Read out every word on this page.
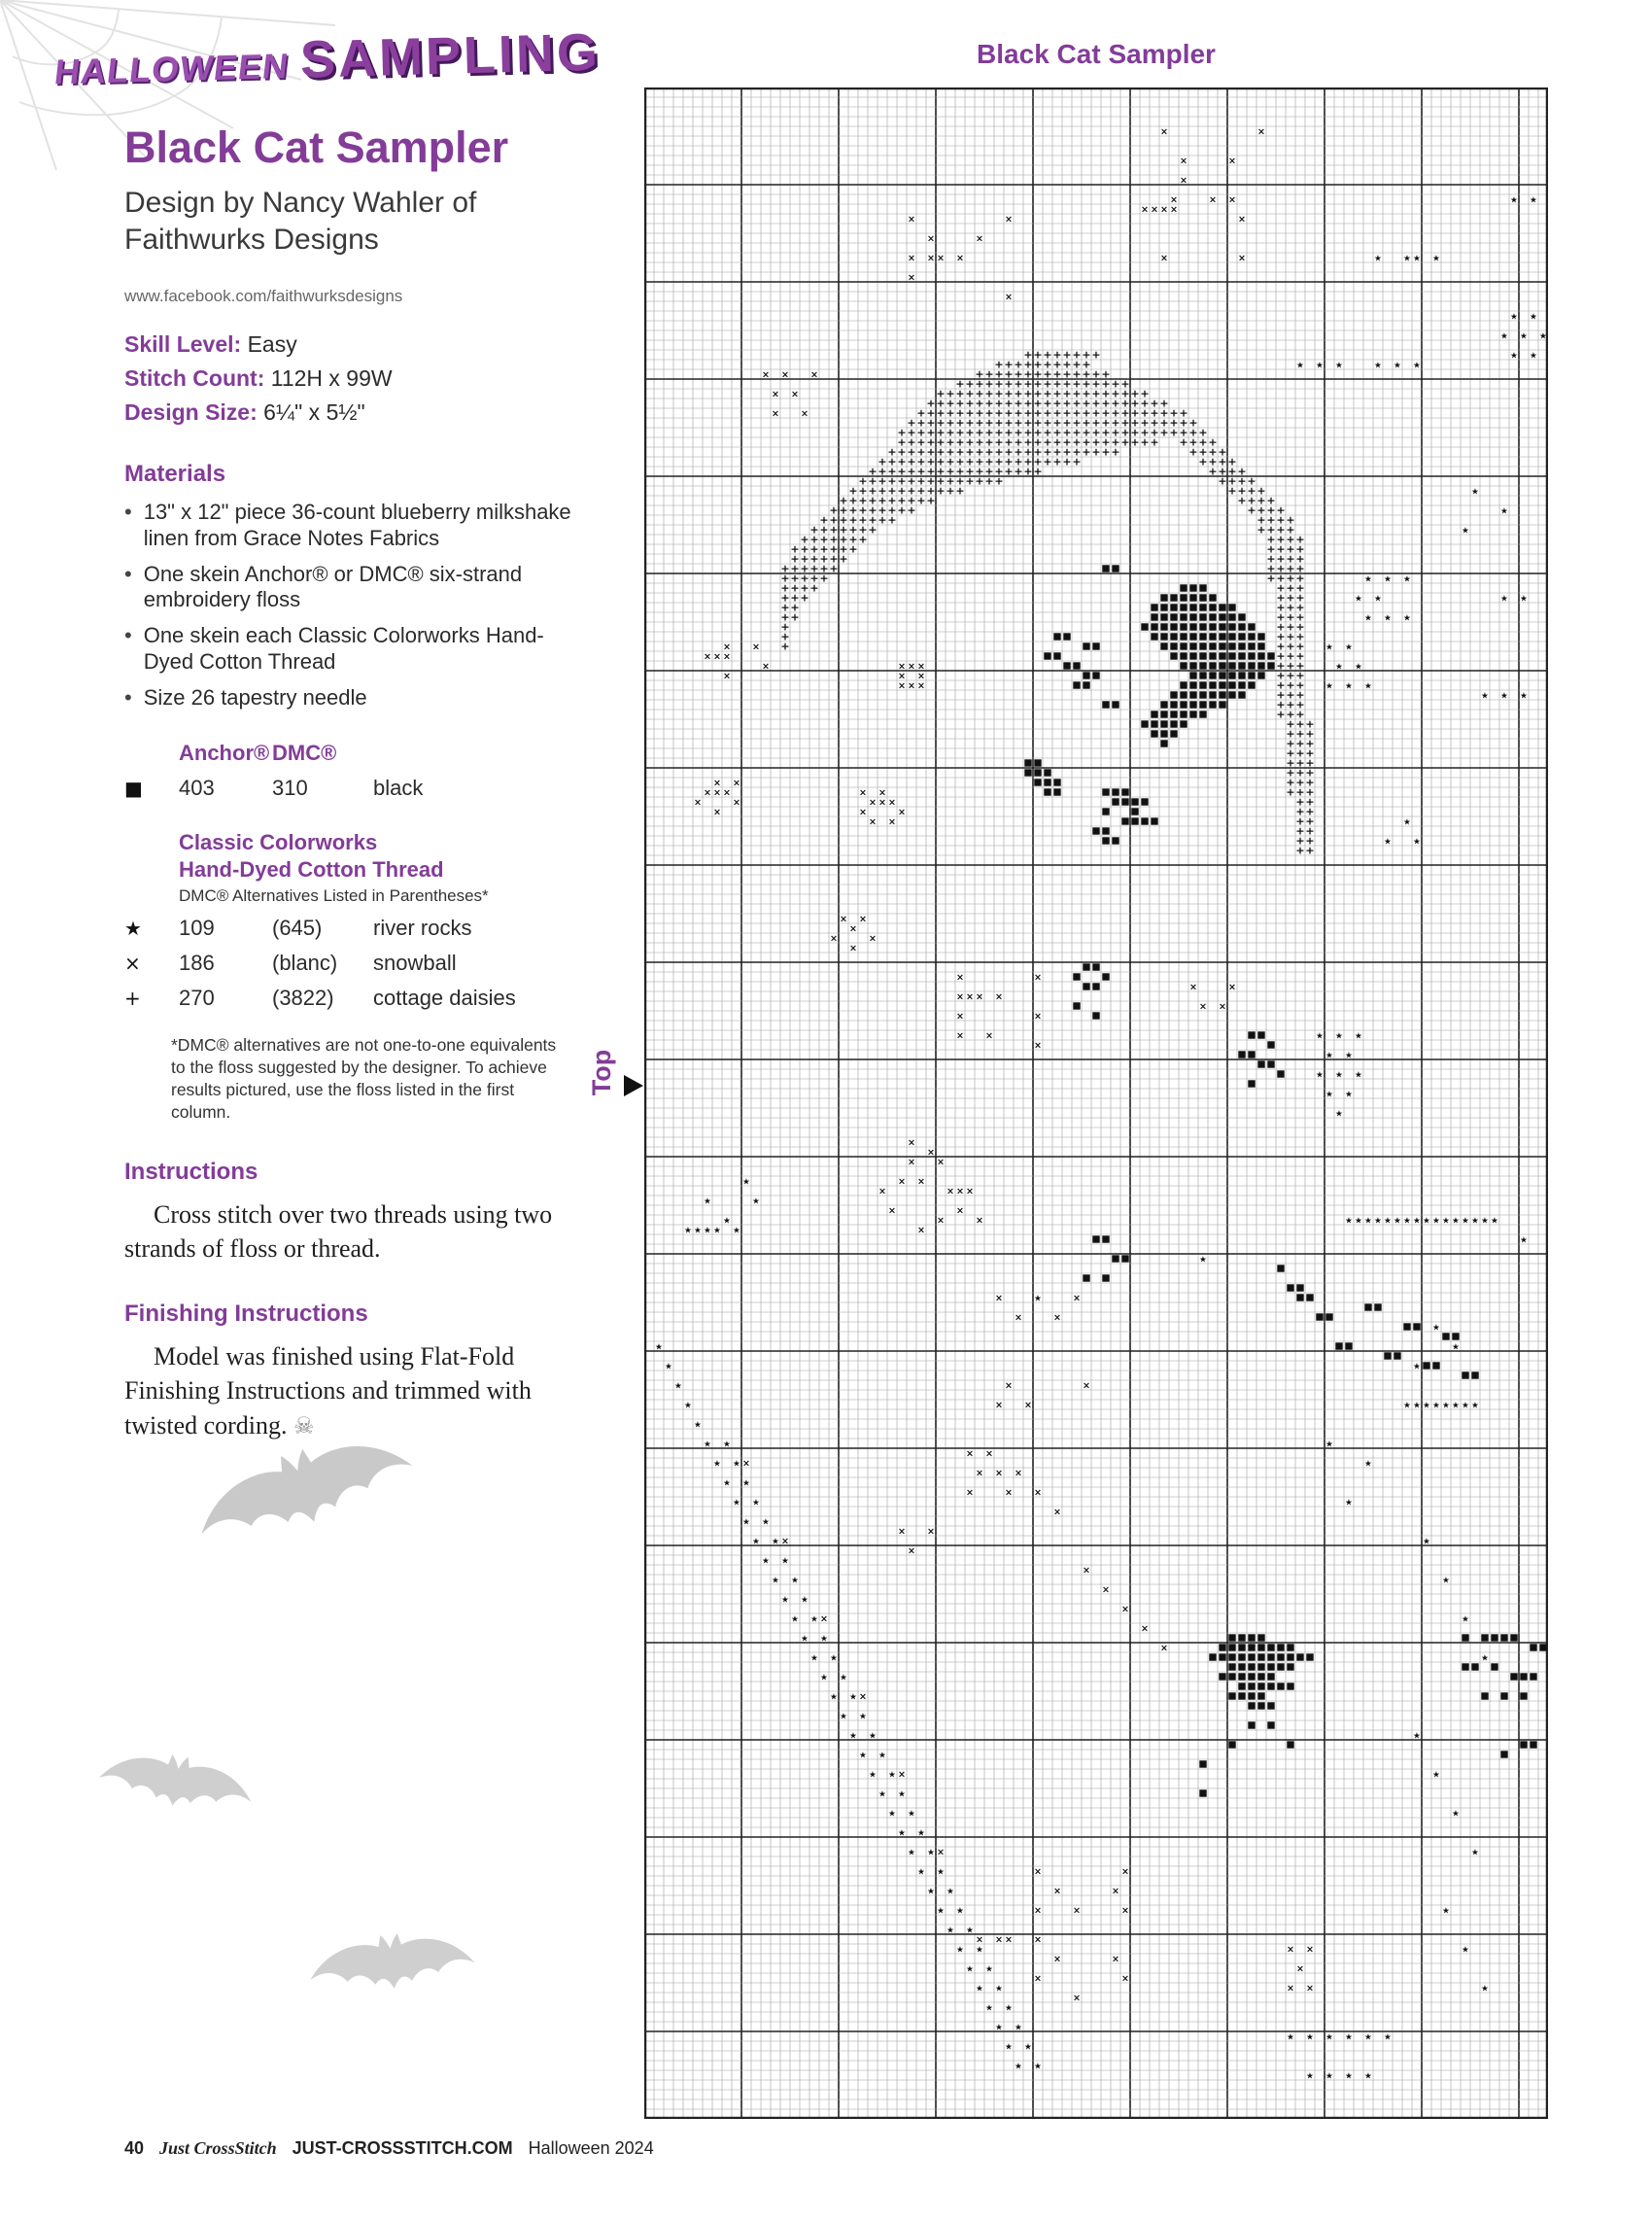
HALLOWEEN SAMPLING	Black Cat Sampler
Black Cat Sampler
Design by Nancy Wahler of Faithwurks Designs
www.facebook.com/faithwurksdesigns
Skill Level: Easy
Stitch Count: 112H x 99W
Design Size: 6¼" x 5½"
Materials
• 13" x 12" piece 36-count blueberry milkshake linen from Grace Notes Fabrics
• One skein Anchor® or DMC® six-strand embroidery floss
• One skein each Classic Colorworks Hand-Dyed Cotton Thread
• Size 26 tapestry needle
Anchor® DMC®
■	403	310	black
Classic Colorworks
Hand-Dyed Cotton Thread
DMC® Alternatives Listed in Parentheses*
★	109	(645)	river rocks
×	186	(blanc)	snowball
+	270	(3822)	cottage daisies
*DMC® alternatives are not one-to-one equivalents to the floss suggested by the designer. To achieve results pictured, use the floss listed in the first column.
Instructions

Cross stitch over two threads using two strands of floss or thread.

Finishing Instructions

Model was finished using Flat-Fold Finishing Instructions and trimmed with twisted cording. ☠

+ + + + + + + +
+ + + + + + + + + +
+ + + + + + + + + + + + + +
+ + + + + + + + + + + + + + + + + +
+ + + + + + + + + + + + + + + + + + + + + +
+ + + + + + + + + + + + + + + + + + + + + + + + +
+ + + + + + + + + + + + + + + + + + + + + + + + + + + +
+ + + + + + + + + + + + + + + + + + + + + + + + + + + + + +
+ + + + + + + + + + + + + + + + + + + + + + + + + + + + + + + +
+ + + + + + + + + + + + + + + + + + + + + + + + + + + + + + +
+ + + + + + + + + + + + + + + + + + + + + + + +	+ + + +
+ + + + + + + + + + + + + + + + + + + + +	+ + + +
+ + + + + + + + + + + + + + + + + +	+ + + +
+ + + + + + + + + + + + + + +	+ + + +
+ + + + + + + + + + + +	+ + + +
+ + + + + + + + + +	+ + + +
+ + + + + + + + +	+ + + +
+ + + + + + + +	+ + + +
+ + + + + + +	+ + + +
+ + + + + + +	+ + + +
+ + + + + + +	+ + + +
+ + + + + +	+ + + +
+ + + + + +	+ + + +
+ + + + +	+ + + +
+ + + +	+ + +
+ + +	+ + +
+ +	+ + +
+ +	+ + +
+	+ + +
+	+ + +
+	+ + +
+ + +
+ + +
+ + +
+ + +
+ + +
+ + +
+ + +
+ + +
+ + +
+ + +
+ + +
+ + +
+ + +
+ + +
+ + +
+ +
+ +
+ +
+ +
+ +
+ +
×	×
×	×
×
×	× ×
× × × ×
×	×	×
×	×
× × × ×	×	×
×
×
× × ×
× ×
× ×
× ×
× × ×
×	× × ×
×	× ×
× × ×
× ×
× × ×	× ×
×	×	× × ×
×	×	×
× ×
× ×
×
×	×
×
×	×
×	×
× × × ×
× ×
×	×
× ×
×
×
×
× ×
× ×
×	× × ×
×	×
×	×
×
×	×
×	×
×	×
× ×
× ×
×
× × ×
×	× ×
×
× ×
×
×
×
×
×
×
×
×
×
×
×
×	×
×	×
×	×	×
× × × ×
× ×
×	×
×
×	×
× ×
×
★ ★
★	★ ★ ★
★ ★
★ ★ ★
★ ★
★ ★ ★	★ ★ ★
★
★
★
★ ★ ★
★ ★	★ ★
★ ★ ★
★ ★
★ ★
★ ★ ★
★ ★ ★
★
★	★
★ ★ ★
★ ★
★ ★ ★
★ ★
★
★
★	★
★	★ ★ ★ ★ ★ ★ ★ ★ ★ ★ ★ ★ ★ ★ ★ ★
★ ★ ★ ★ ★
★
★
★
★
★	★
★	★
★
★	★ ★ ★ ★ ★ ★ ★ ★
★
★ ★	★
★ ★	★
★ ★
★ ★	★
★ ★
★ ★	★
★ ★
★ ★	★
★ ★
★ ★	★
★ ★
★ ★	★
★ ★
★ ★
★ ★
★ ★	★
★ ★
★ ★	★
★ ★
★ ★	★
★ ★
★ ★	★
★ ★
★ ★
★ ★	★
★ ★
★ ★	★
★ ★
★ ★	★
★ ★
★ ★
★ ★ ★ ★ ★ ★
★ ★
★ ★
★ ★ ★ ★
Top
40 Just CrossStitch JUST-CROSSSTITCH.COM Halloween 2024
